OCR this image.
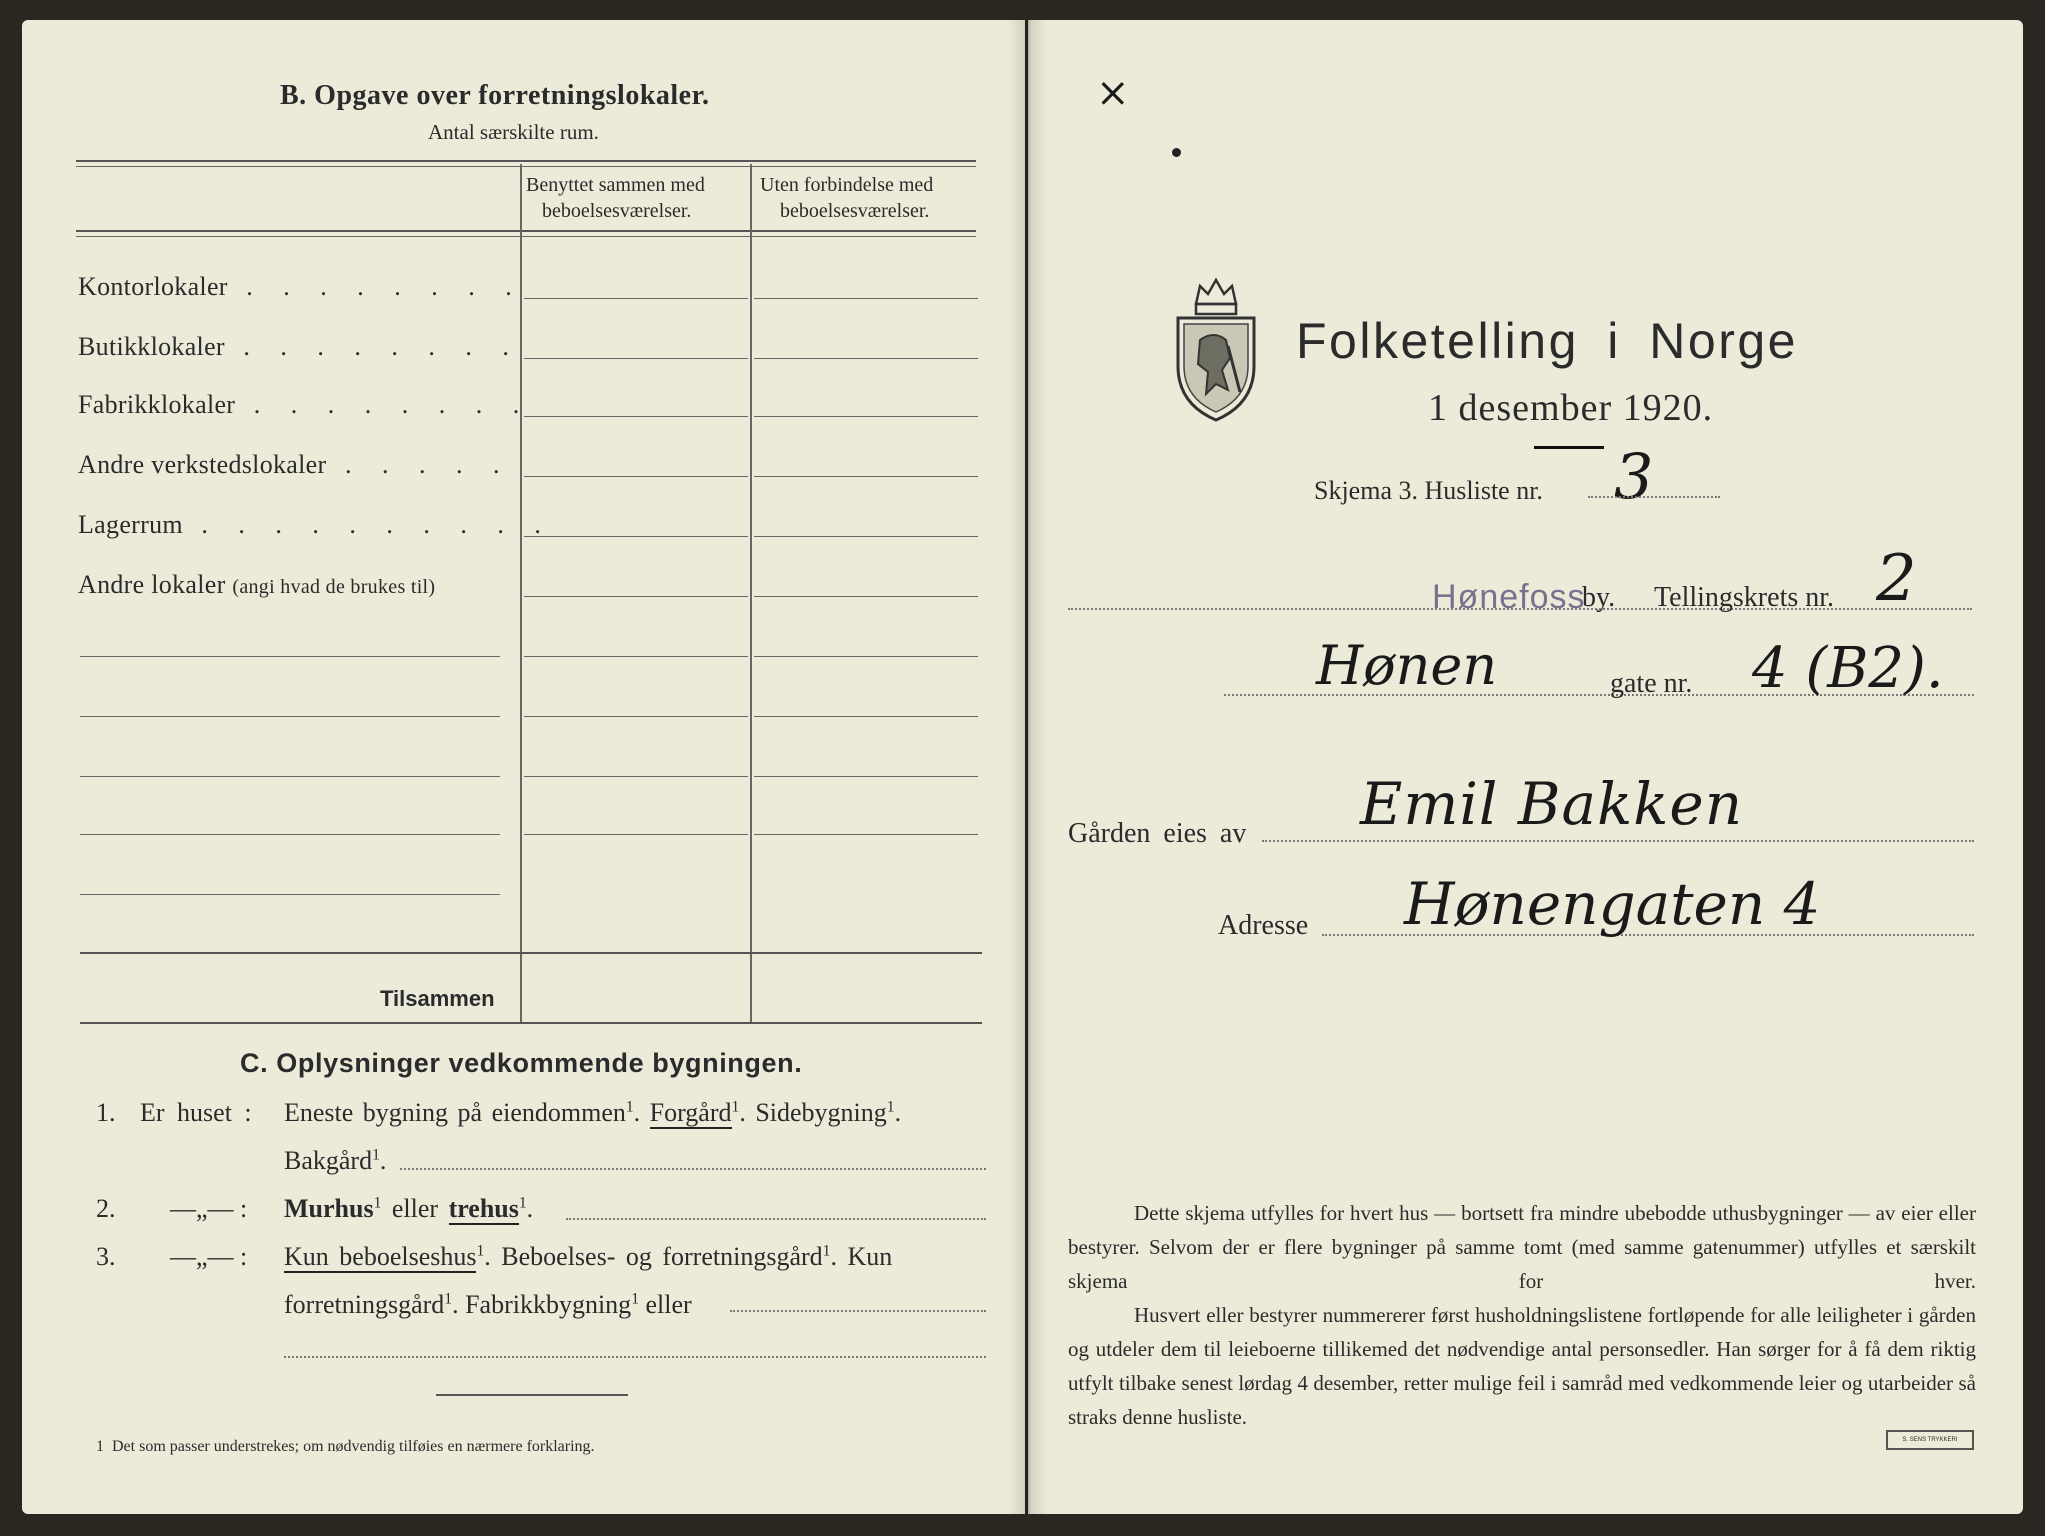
B. Opgave over forretningslokaler.
Antal særskilte rum.
Benyttet sammen med
beboelsesværelser.
Uten forbindelse med
beboelsesværelser.
Kontorlokaler . . . . . . . .
Butikklokaler . . . . . . . .
Fabrikklokaler . . . . . . . .
Andre verkstedslokaler . . . . .
Lagerrum . . . . . . . . . .
Andre lokaler (angi hvad de brukes til)
Tilsammen
C. Oplysninger vedkommende bygningen.
1. Er huset : Eneste bygning på eiendommen$^1$. Forgård$^1$. Sidebygning$^1$.
Bakgård$^1$.
2. —„— : Murhus$^1$ eller trehus$^1$.
3. —„— : Kun beboelseshus$^1$. Beboelses- og forretningsgård$^1$. Kun
forretningsgård$^1$. Fabrikkbygning$^1$ eller
1 Det som passer understrekes; om nødvendig tilføies en nærmere forklaring.
×
Folketelling i Norge
1 desember 1920.
Skjema 3. Husliste nr. 3
Hønefoss
by. Tellingskrets nr. 2
Hønen	gate nr. 4 (B2).
Gården eies av Emil Bakken
Adresse Hønengaten 4
Dette skjema utfylles for hvert hus — bortsett fra mindre ubebodde uthusbygninger — av eier eller bestyrer. Selvom der er flere bygninger på samme tomt (med samme gatenummer) utfylles et særskilt skjema for hver.
Husvert eller bestyrer nummererer først husholdningslistene fortløpende for alle leiligheter i gården og utdeler dem til leieboerne tillikemed det nødvendige antal personsedler. Han sørger for å få dem riktig utfylt tilbake senest lørdag 4 desember, retter mulige feil i samråd med vedkommende leier og utarbeider så straks denne husliste.
S. SENS TRYKKERI
